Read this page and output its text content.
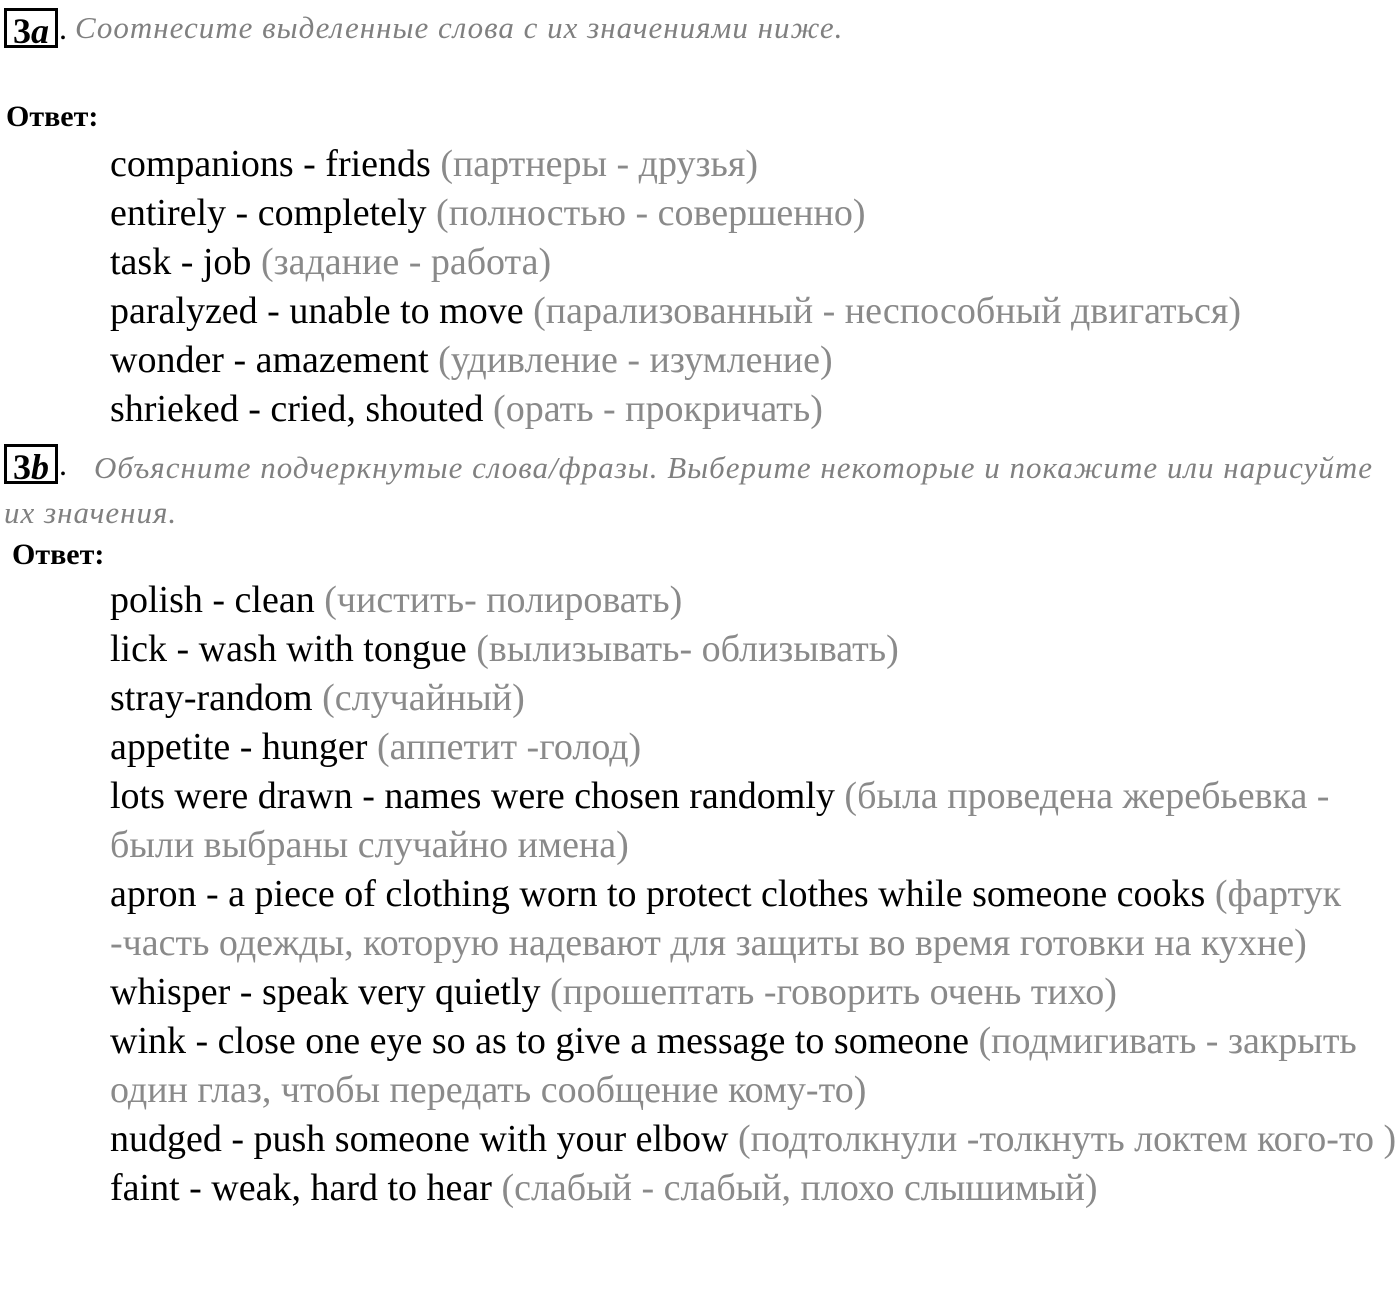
3a . Соотнесите выделенные слова с их значениями ниже.
Ответ:

companions - friends (партнеры - друзья)

entirely - completely (полностью - совершенно)

task - job (задание - работа)

paralyzed - unable to move (парализованный - неспособный двигаться)

wonder - amazement (удивление - изумление)

shrieked - cried, shouted (орать - прокричать)

3b . Объясните подчеркнутые слова/фразы. Выберите некоторые и покажите или нарисуйте их значения.
Ответ:

polish - clean (чистить- полировать)

lick - wash with tongue (вылизывать- облизывать)

stray-random (случайный)

appetite - hunger (аппетит -голод)

lots were drawn - names were chosen randomly (была проведена жеребьевка - были выбраны случайно имена)

apron - a piece of clothing worn to protect clothes while someone cooks (фартук -часть одежды, которую надевают для защиты во время готовки на кухне)

whisper - speak very quietly (прошептать -говорить очень тихо)

wink - close one eye so as to give a message to someone (подмигивать - закрыть один глаз, чтобы передать сообщение кому-то)

nudged - push someone with your elbow (подтолкнули -толкнуть локтем кого-то )

faint - weak, hard to hear (слабый - слабый, плохо слышимый)
